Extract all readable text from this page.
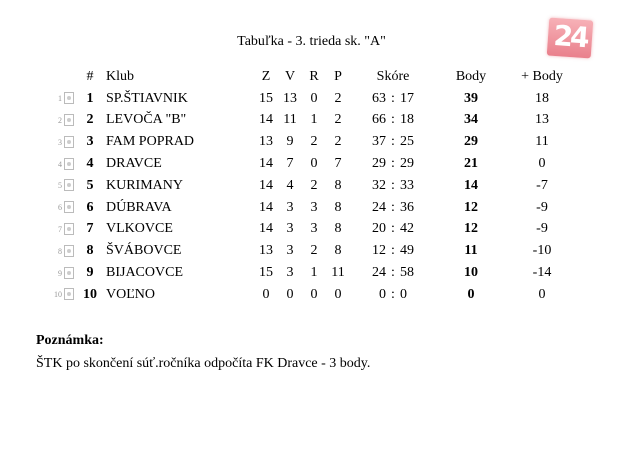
Tabuľka - 3. trieda sk. "A"	24
		#	Klub	Z	V	R	P	Skóre	Body	+ Body
1		1	SP.ŠTIAVNIK	15	13	0	2	63 : 17	39	18
2		2	LEVOČA "B"	14	11	1	2	66 : 18	34	13
3		3	FAM POPRAD	13	9	2	2	37 : 25	29	11
4		4	DRAVCE	14	7	0	7	29 : 29	21	0
5		5	KURIMANY	14	4	2	8	32 : 33	14	-7
6		6	DÚBRAVA	14	3	3	8	24 : 36	12	-9
7		7	VLKOVCE	14	3	3	8	20 : 42	12	-9
8		8	ŠVÁBOVCE	13	3	2	8	12 : 49	11	-10
9		9	BIJACOVCE	15	3	1	11	24 : 58	10	-14
10		10	VOĽNO	0	0	0	0	0 : 0	0	0
Poznámka:
ŠTK po skončení súť.ročníka odpočíta FK Dravce - 3 body.
